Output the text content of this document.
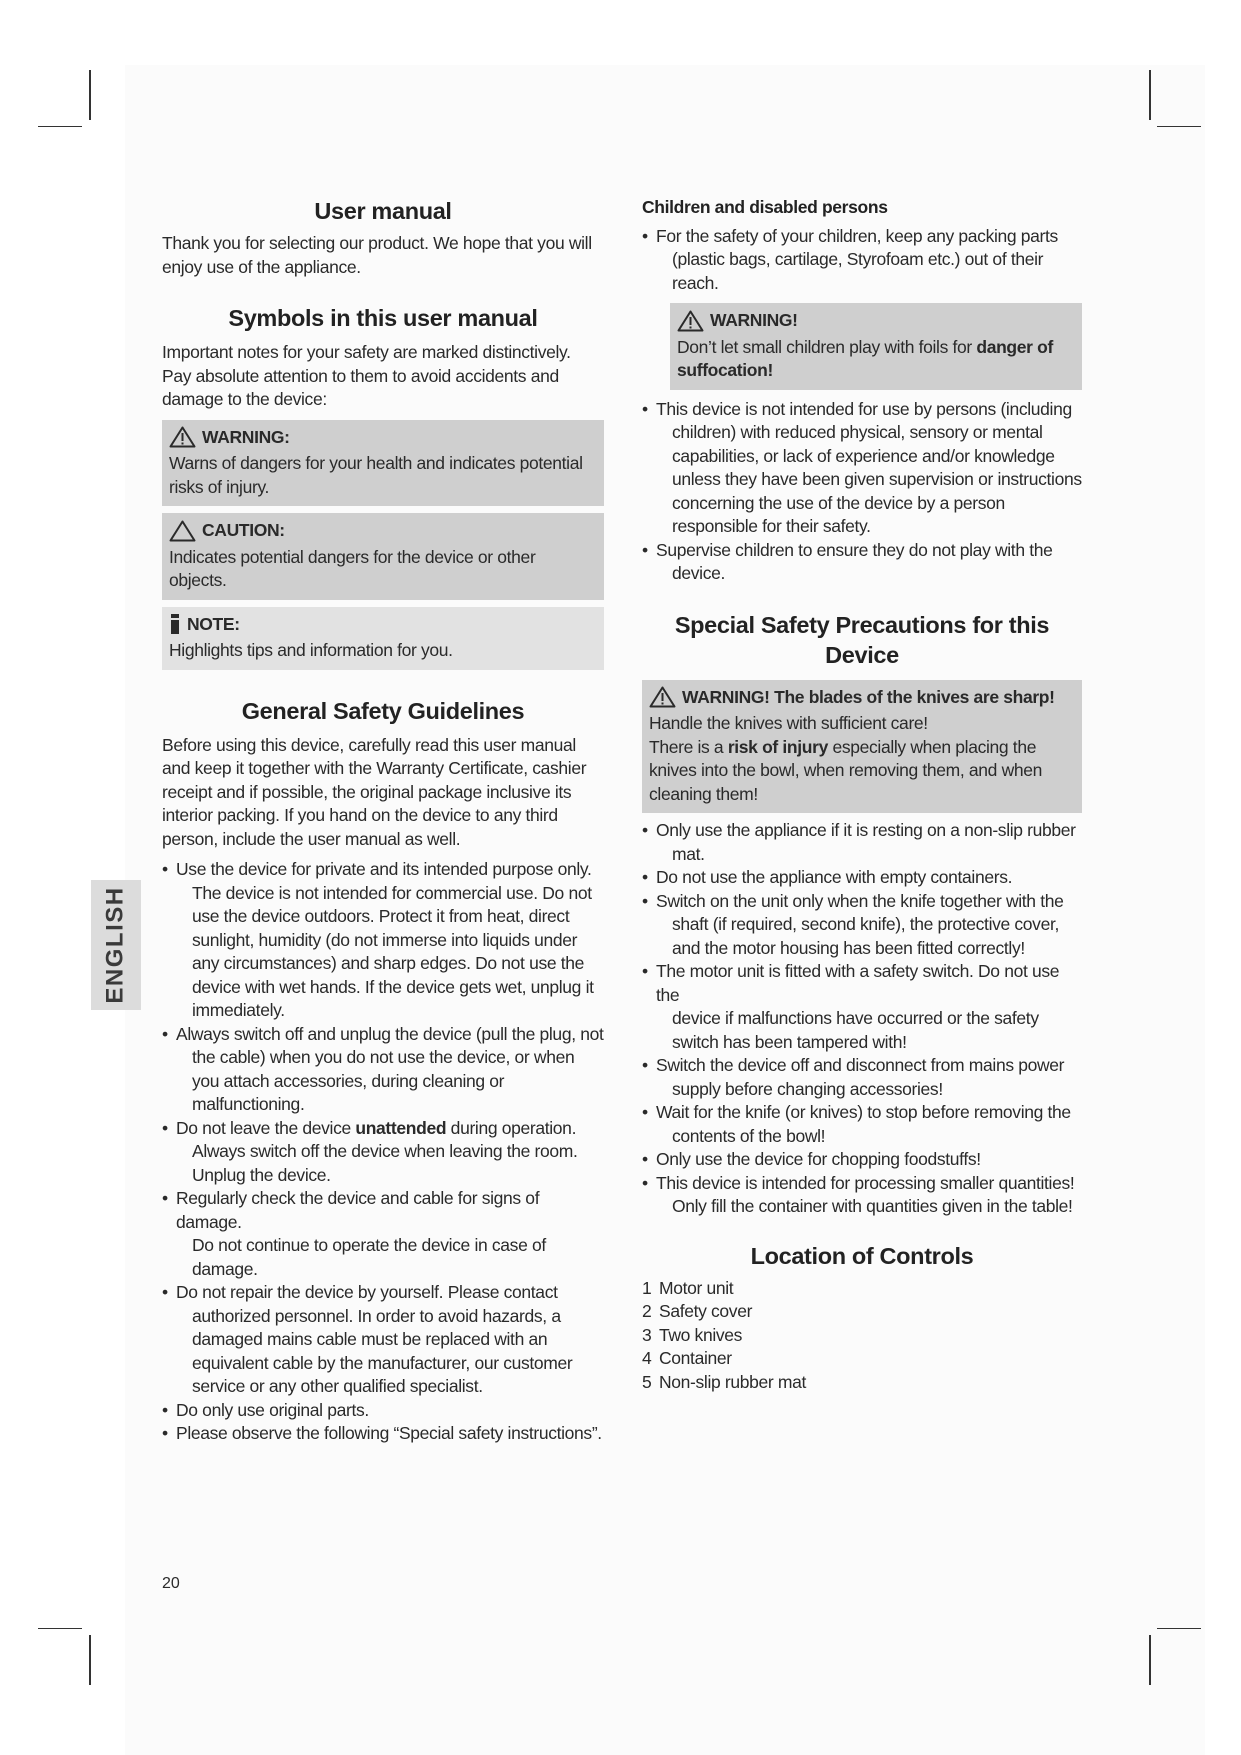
ENGLISH
User manual

Thank you for selecting our product. We hope that you will enjoy use of the appliance.

Symbols in this user manual

Important notes for your safety are marked distinctively. Pay absolute attention to them to avoid accidents and damage to the device:

WARNING:

Warns of dangers for your health and indicates potential risks of injury.

CAUTION:

Indicates potential dangers for the device or other objects.

NOTE:

Highlights tips and information for you.

General Safety Guidelines

Before using this device, carefully read this user manual and keep it together with the Warranty Certificate, cashier receipt and if possible, the original package inclusive its interior packing. If you hand on the device to any third person, include the user manual as well.

• Use the device for private and its intended purpose only.
The device is not intended for commercial use. Do not use the device outdoors. Protect it from heat, direct sunlight, humidity (do not immerse into liquids under any circumstances) and sharp edges. Do not use the device with wet hands. If the device gets wet, unplug it immediately.
• Always switch off and unplug the device (pull the plug, not
the cable) when you do not use the device, or when you attach accessories, during cleaning or malfunctioning.
• Do not leave the device unattended during operation.
Always switch off the device when leaving the room. Unplug the device.
• Regularly check the device and cable for signs of damage.
Do not continue to operate the device in case of damage.
• Do not repair the device by yourself. Please contact
authorized personnel. In order to avoid hazards, a damaged mains cable must be replaced with an equivalent cable by the manufacturer, our customer service or any other qualified specialist.
• Do only use original parts.
• Please observe the following “Special safety instructions”.
Children and disabled persons
• For the safety of your children, keep any packing parts
(plastic bags, cartilage, Styrofoam etc.) out of their reach.
WARNING!

Don’t let small children play with foils for danger of suffocation!

• This device is not intended for use by persons (including
children) with reduced physical, sensory or mental capabilities, or lack of experience and/or knowledge unless they have been given supervision or instructions concerning the use of the device by a person responsible for their safety.
• Supervise children to ensure they do not play with the
device.
Special Safety Precautions for this Device
WARNING! The blades of the knives are sharp!

Handle the knives with sufficient care!

There is a risk of injury especially when placing the knives into the bowl, when removing them, and when cleaning them!

• Only use the appliance if it is resting on a non-slip rubber
mat.
• Do not use the appliance with empty containers.
• Switch on the unit only when the knife together with the
shaft (if required, second knife), the protective cover, and the motor housing has been fitted correctly!
• The motor unit is fitted with a safety switch. Do not use the
device if malfunctions have occurred or the safety switch has been tampered with!
• Switch the device off and disconnect from mains power
supply before changing accessories!
• Wait for the knife (or knives) to stop before removing the
contents of the bowl!
• Only use the device for chopping foodstuffs!
• This device is intended for processing smaller quantities!
Only fill the container with quantities given in the table!
Location of Controls
1 Motor unit
2 Safety cover
3 Two knives
4 Container
5 Non-slip rubber mat
20
